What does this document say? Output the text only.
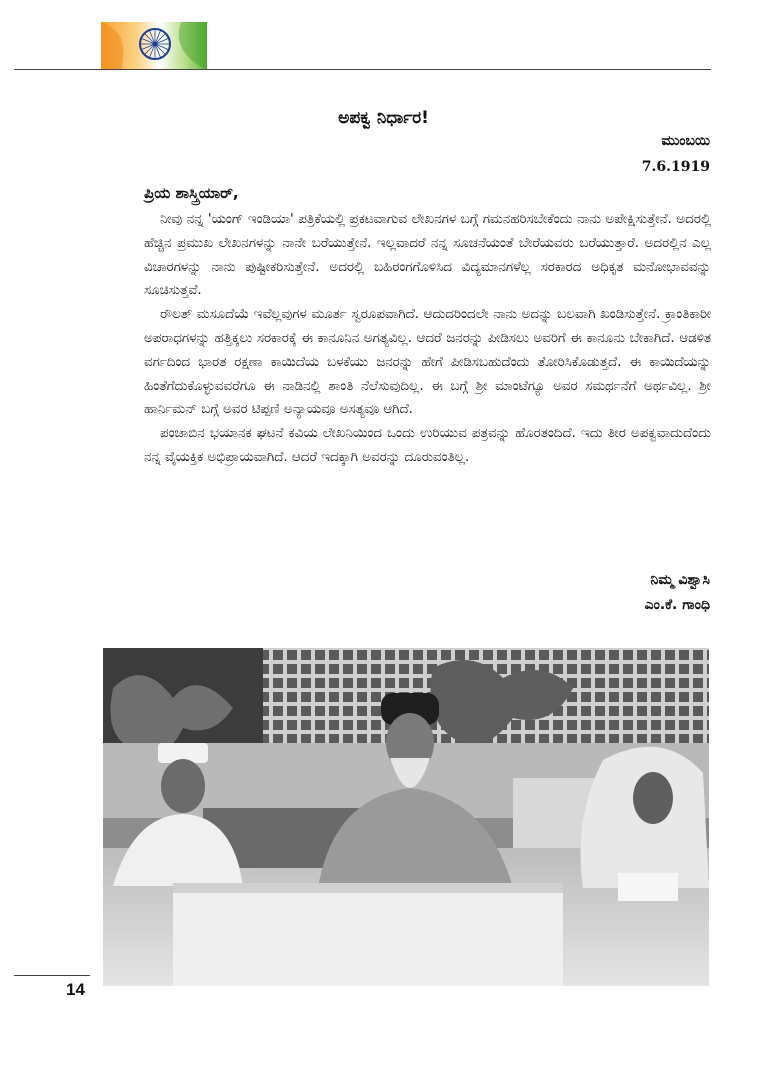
ಅಪಕ್ವ ನಿರ್ಧಾರ!
ಮುಂಬಯಿ
7.6.1919
ಪ್ರಿಯ ಶಾಸ್ತ್ರಿಯಾರ್,

ನೀವು ನನ್ನ 'ಯಂಗ್ ಇಂಡಿಯಾ' ಪತ್ರಿಕೆಯಲ್ಲಿ ಪ್ರಕಟವಾಗುವ ಲೇಖನಗಳ ಬಗ್ಗೆ ಗಮನಹರಿಸಬೇಕೆಂದು ನಾನು ಅಪೇಕ್ಷಿಸುತ್ತೇನೆ. ಅದರಲ್ಲಿ ಹೆಚ್ಚಿನ ಪ್ರಮುಖ ಲೇಖನಗಳನ್ನು ನಾನೇ ಬರೆಯುತ್ತೇನೆ. ಇಲ್ಲವಾದರೆ ನನ್ನ ಸೂಚನೆಯಂತೆ ಬೇರೆಯವರು ಬರೆಯುತ್ತಾರೆ. ಅದರಲ್ಲಿನ ಎಲ್ಲ ವಿಚಾರಗಳನ್ನು ನಾನು ಪುಷ್ಟೀಕರಿಸುತ್ತೇನೆ. ಅದರಲ್ಲಿ ಬಹಿರಂಗಗೊಳಿಸಿದ ವಿದ್ಯಮಾನಗಳೆಲ್ಲ ಸರಕಾರದ ಅಧಿಕೃತ ಮನೋಭಾವವನ್ನು ಸೂಚಿಸುತ್ತವೆ.

ರೌಲತ್ ಮಸೂದೆಯೆ ಇವೆಲ್ಲವುಗಳ ಮೂರ್ತ ಸ್ವರೂಪವಾಗಿದೆ. ಆದುದರಿಂದಲೇ ನಾನು ಅದನ್ನು ಬಲವಾಗಿ ಖಂಡಿಸುತ್ತೇನೆ. ಕ್ರಾಂತಿಕಾರೀ ಅಪರಾಧಗಳನ್ನು ಹತ್ತಿಕ್ಕಲು ಸರಕಾರಕ್ಕೆ ಈ ಕಾನೂನಿನ ಅಗತ್ಯವಿಲ್ಲ. ಆದರೆ ಜನರನ್ನು ಪೀಡಿಸಲು ಅವರಿಗೆ ಈ ಕಾನೂನು ಬೇಕಾಗಿದೆ. ಆಡಳಿತ ವರ್ಗದಿಂದ ಭಾರತ ರಕ್ಷಣಾ ಕಾಯಿದೆಯ ಬಳಕೆಯು ಜನರನ್ನು ಹೇಗೆ ಪೀಡಿಸಬಹುದೆಂದು ತೋರಿಸಿಕೊಡುತ್ತದೆ. ಈ ಕಾಯಿದೆಯನ್ನು ಹಿಂತೆಗೆದುಕೊಳ್ಳುವವರೆಗೂ ಈ ನಾಡಿನಲ್ಲಿ ಶಾಂತಿ ನೆಲೆಸುವುದಿಲ್ಲ. ಈ ಬಗ್ಗೆ ಶ್ರೀ ಮಾಂಟೆಗ್ಯೂ ಅವರ ಸಮರ್ಥನೆಗೆ ಅರ್ಥವಿಲ್ಲ. ಶ್ರೀ ಹಾರ್ನಿಮನ್ ಬಗ್ಗೆ ಅವರ ಟಿಪ್ಪಣಿ ಅನ್ಯಾಯವೂ ಅಸತ್ಯವೂ ಆಗಿದೆ.

ಪಂಜಾಬಿನ ಭಯಾನಕ ಘಟನೆ ಕವಿಯ ಲೇಖನಿಯಿಂದ ಒಂದು ಉರಿಯುವ ಪತ್ರವನ್ನು ಹೊರತಂದಿದೆ. ಇದು ತೀರ ಅಪಕ್ವವಾದುದೆಂದು ನನ್ನ ವೈಯಕ್ತಿಕ ಅಭಿಪ್ರಾಯವಾಗಿದೆ. ಆದರೆ ಇದಕ್ಕಾಗಿ ಅವರನ್ನು ದೂರುವಂತಿಲ್ಲ.

ನಿಮ್ಮ ವಿಶ್ವಾಸಿ
ಎಂ.ಕೆ. ಗಾಂಧಿ
14
